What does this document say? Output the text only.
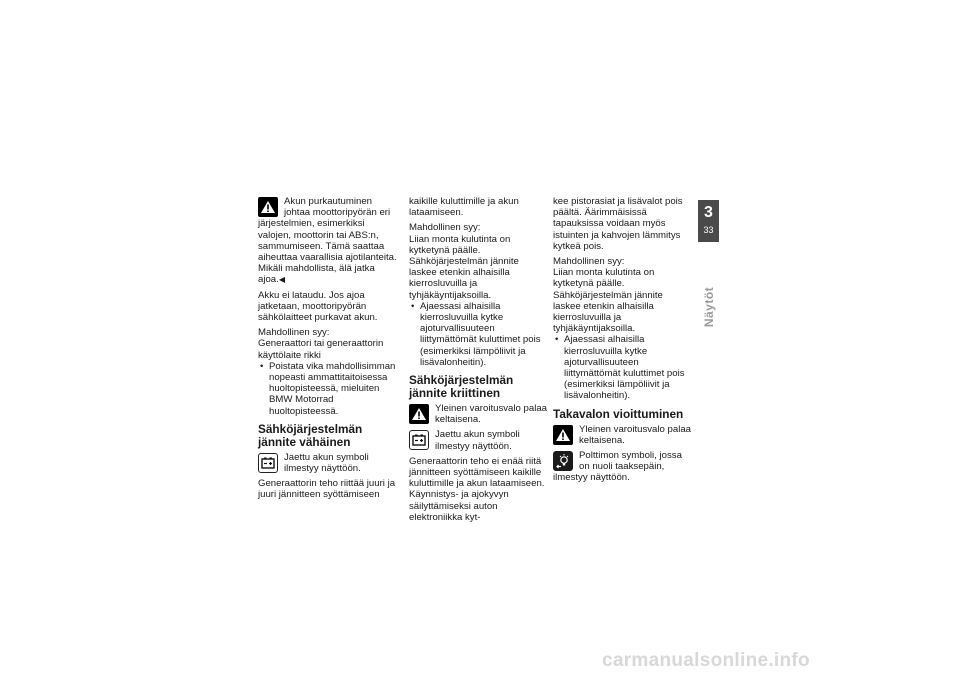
Akun purkautuminen johtaa moottoripyörän eri järjestelmien, esimerkiksi valojen, moottorin tai ABS:n, sammumiseen. Tämä saattaa aiheuttaa vaarallisia ajotilanteita. Mikäli mahdollista, älä jatka ajoa.◀

Akku ei lataudu. Jos ajoa jatketaan, moottoripyörän sähkölaitteet purkavat akun.

Mahdollinen syy:

Generaattori tai generaattorin käyttölaite rikki

• Poistata vika mahdollisimman nopeasti ammattitaitoisessa huoltopisteessä, mieluiten BMW Motorrad huoltopisteessä.
Sähköjärjestelmän jännite vähäinen
Jaettu akun symboli ilmestyy näyttöön.

Generaattorin teho riittää juuri ja juuri jännitteen syöttämiseen

kaikille kuluttimille ja akun lataamiseen.

Mahdollinen syy:

Liian monta kulutinta on kytketynä päälle. Sähköjärjestelmän jännite laskee etenkin alhaisilla kierrosluvuilla ja tyhjäkäyntijaksoilla.

• Ajaessasi alhaisilla kierrosluvuilla kytke ajoturvallisuuteen liittymättömät kuluttimet pois (esimerkiksi lämpöliivit ja lisävalonheitin).
Sähköjärjestelmän jännite kriittinen
Yleinen varoitusvalo palaa keltaisena.
Jaettu akun symboli ilmestyy näyttöön.

Generaattorin teho ei enää riitä jännitteen syöttämiseen kaikille kuluttimille ja akun lataamiseen. Käynnistys- ja ajokyvyn säilyttämiseksi auton elektroniikka kyt-

kee pistorasiat ja lisävalot pois päältä. Äärimmäisissä tapauksissa voidaan myös istuinten ja kahvojen lämmitys kytkeä pois.

Mahdollinen syy:

Liian monta kulutinta on kytketynä päälle. Sähköjärjestelmän jännite laskee etenkin alhaisilla kierrosluvuilla ja tyhjäkäyntijaksoilla.

• Ajaessasi alhaisilla kierrosluvuilla kytke ajoturvallisuuteen liittymättömät kuluttimet pois (esimerkiksi lämpöliivit ja lisävalonheitin).
Takavalon vioittuminen
Yleinen varoitusvalo palaa keltaisena.
Polttimon symboli, jossa on nuoli taaksepäin, ilmestyy näyttöön.
3
33
Näytöt
carmanualsonline.info
